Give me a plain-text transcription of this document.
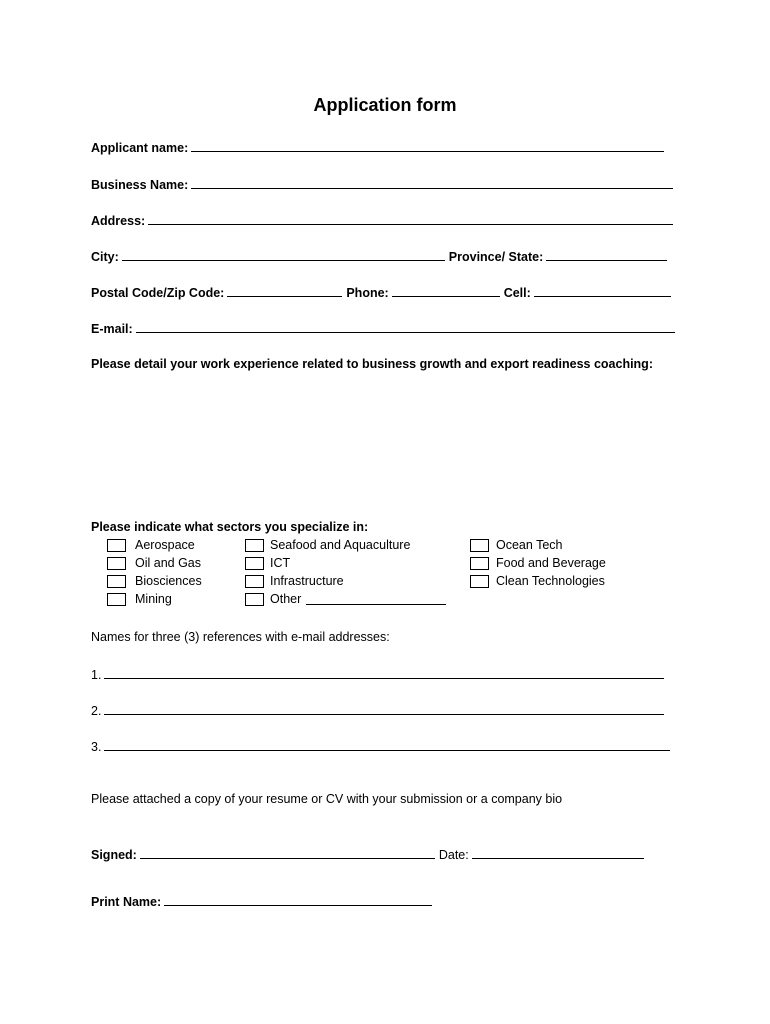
Application form
Applicant name:
Business Name:
Address:
City:	Province/ State:
Postal Code/Zip Code:	Phone:	Cell:
E-mail:
Please detail your work experience related to business growth and export readiness coaching:
Please indicate what sectors you specialize in:
Aerospace
Oil and Gas
Biosciences
Mining
Seafood and Aquaculture
ICT
Infrastructure
Other
Ocean Tech
Food and Beverage
Clean Technologies
Names for three (3) references with e-mail addresses:
1.
2.
3.
Please attached a copy of your resume or CV with your submission or a company bio
Signed:	Date:
Print Name:
